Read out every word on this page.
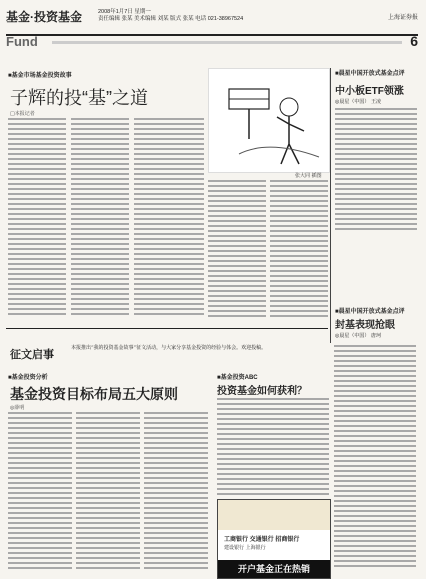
基金·投资基金	2008年1月7日 星期一
责任编辑 张某 美术编辑 刘某 版式 张某 电话 021-38967524	上海证券报
Fund	6
■基金市场基金投资故事
子辉的投“基”之道
□本报记者
张大同 插图
■晨星中国开放式基金点评
中小板ETF领涨
◎晨星（中国） 王凌
■晨星中国开放式基金点评
封基表现抢眼
◎晨星（中国） 唐珂
征文启事
本报推出“我的投资基金故事”征文活动，与大家分享基金投资的经验与体会。欢迎投稿。
■基金投资分析
基金投资目标布局五大原则
◎薛明
■基金投资ABC
投资基金如何获利？
工商银行 交通银行 招商银行
建设银行 上海银行
开户基金正在热销
